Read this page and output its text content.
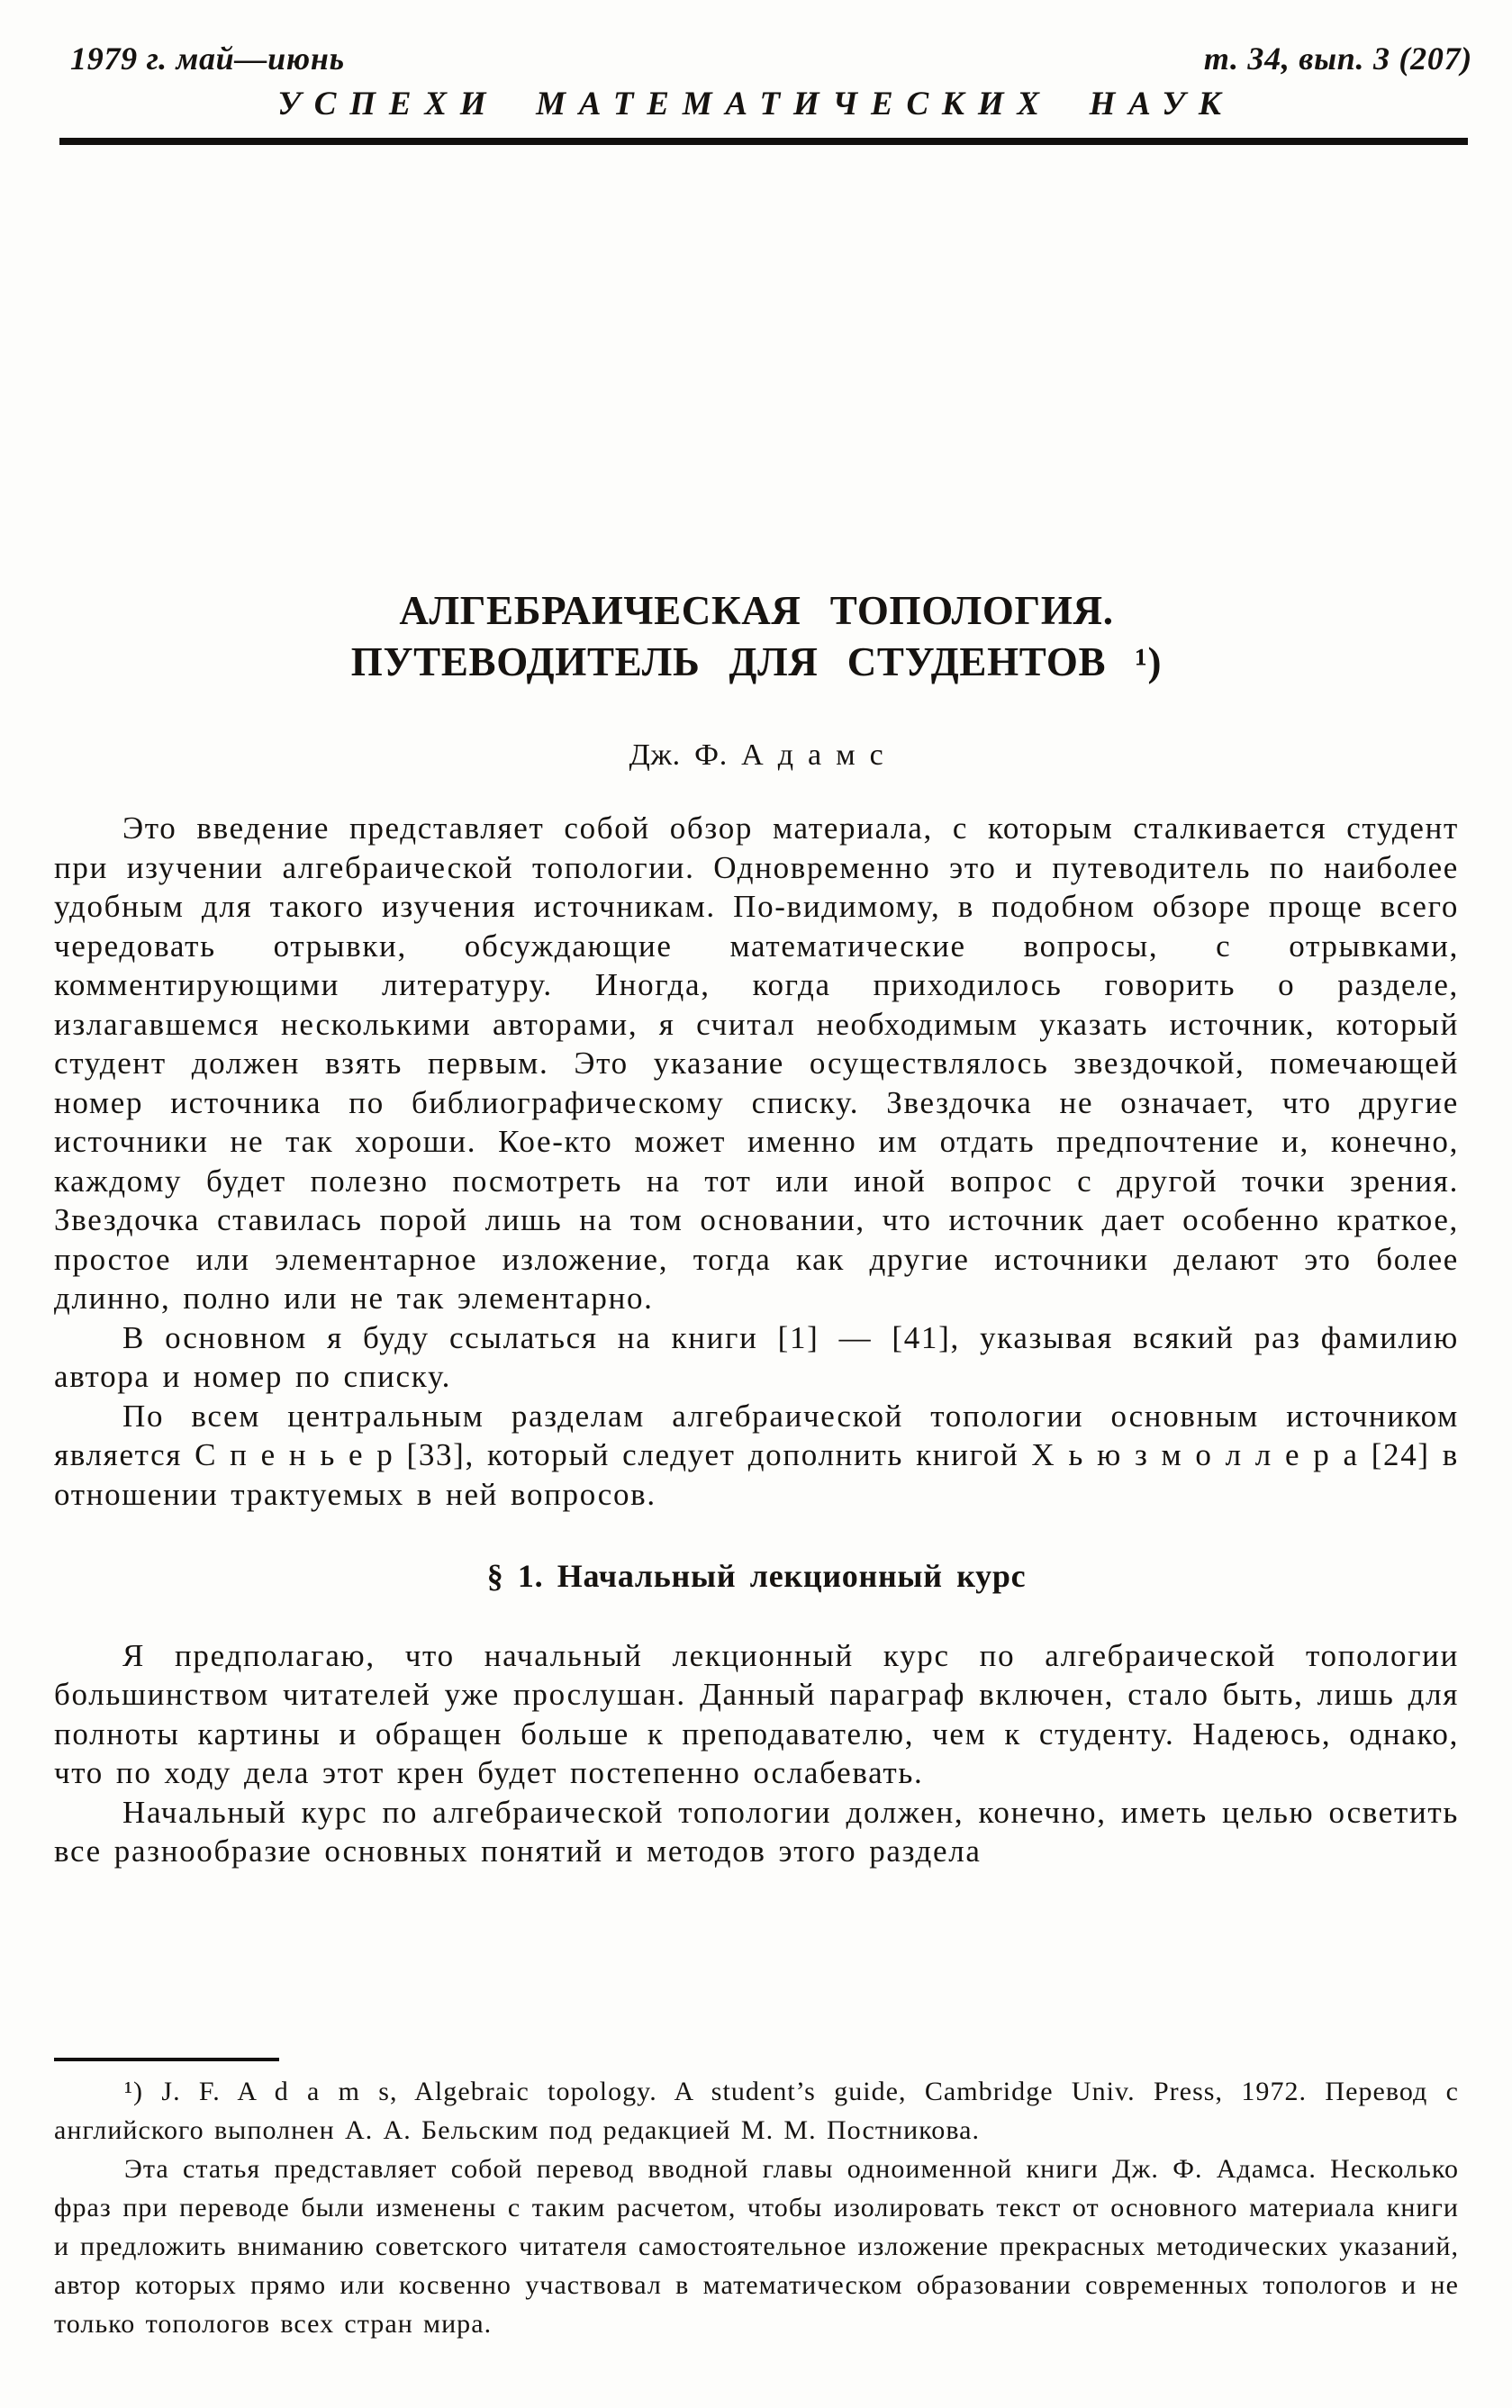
1979 г. май—июнь	т. 34, вып. 3 (207)
УСПЕХИ МАТЕМАТИЧЕСКИХ НАУК
АЛГЕБРАИЧЕСКАЯ ТОПОЛОГИЯ.
ПУТЕВОДИТЕЛЬ ДЛЯ СТУДЕНТОВ ¹)
Дж. Ф. А д а м с

Это введение представляет собой обзор материала, с которым сталкивается студент при изучении алгебраической топологии. Одновременно это и путеводитель по наиболее удобным для такого изучения источникам. По-видимому, в подобном обзоре проще всего чередовать отрывки, обсуждающие математические вопросы, с отрывками, комментирующими литературу. Иногда, когда приходилось говорить о разделе, излагавшемся несколькими авторами, я считал необходимым указать источник, который студент должен взять первым. Это указание осуществлялось звездочкой, помечающей номер источника по библиографическому списку. Звездочка не означает, что другие источники не так хороши. Кое-кто может именно им отдать предпочтение и, конечно, каждому будет полезно посмотреть на тот или иной вопрос с другой точки зрения. Звездочка ставилась порой лишь на том основании, что источник дает особенно краткое, простое или элементарное изложение, тогда как другие источники делают это более длинно, полно или не так элементарно.

В основном я буду ссылаться на книги [1] — [41], указывая всякий раз фамилию автора и номер по списку.

По всем центральным разделам алгебраической топологии основным источником является С п е н ь е р [33], который следует дополнить книгой Х ь ю з м о л л е р а [24] в отношении трактуемых в ней вопросов.

§ 1. Начальный лекционный курс

Я предполагаю, что начальный лекционный курс по алгебраической топологии большинством читателей уже прослушан. Данный параграф включен, стало быть, лишь для полноты картины и обращен больше к преподавателю, чем к студенту. Надеюсь, однако, что по ходу дела этот крен будет постепенно ослабевать.

Начальный курс по алгебраической топологии должен, конечно, иметь целью осветить все разнообразие основных понятий и методов этого раздела

¹) J. F. A d a m s, Algebraic topology. A student’s guide, Cambridge Univ. Press, 1972. Перевод с английского выполнен А. А. Бельским под редакцией М. М. Постникова.

Эта статья представляет собой перевод вводной главы одноименной книги Дж. Ф. Адамса. Несколько фраз при переводе были изменены с таким расчетом, чтобы изолировать текст от основного материала книги и предложить вниманию советского читателя самостоятельное изложение прекрасных методических указаний, автор которых прямо или косвенно участвовал в математическом образовании современных топологов и не только топологов всех стран мира.
